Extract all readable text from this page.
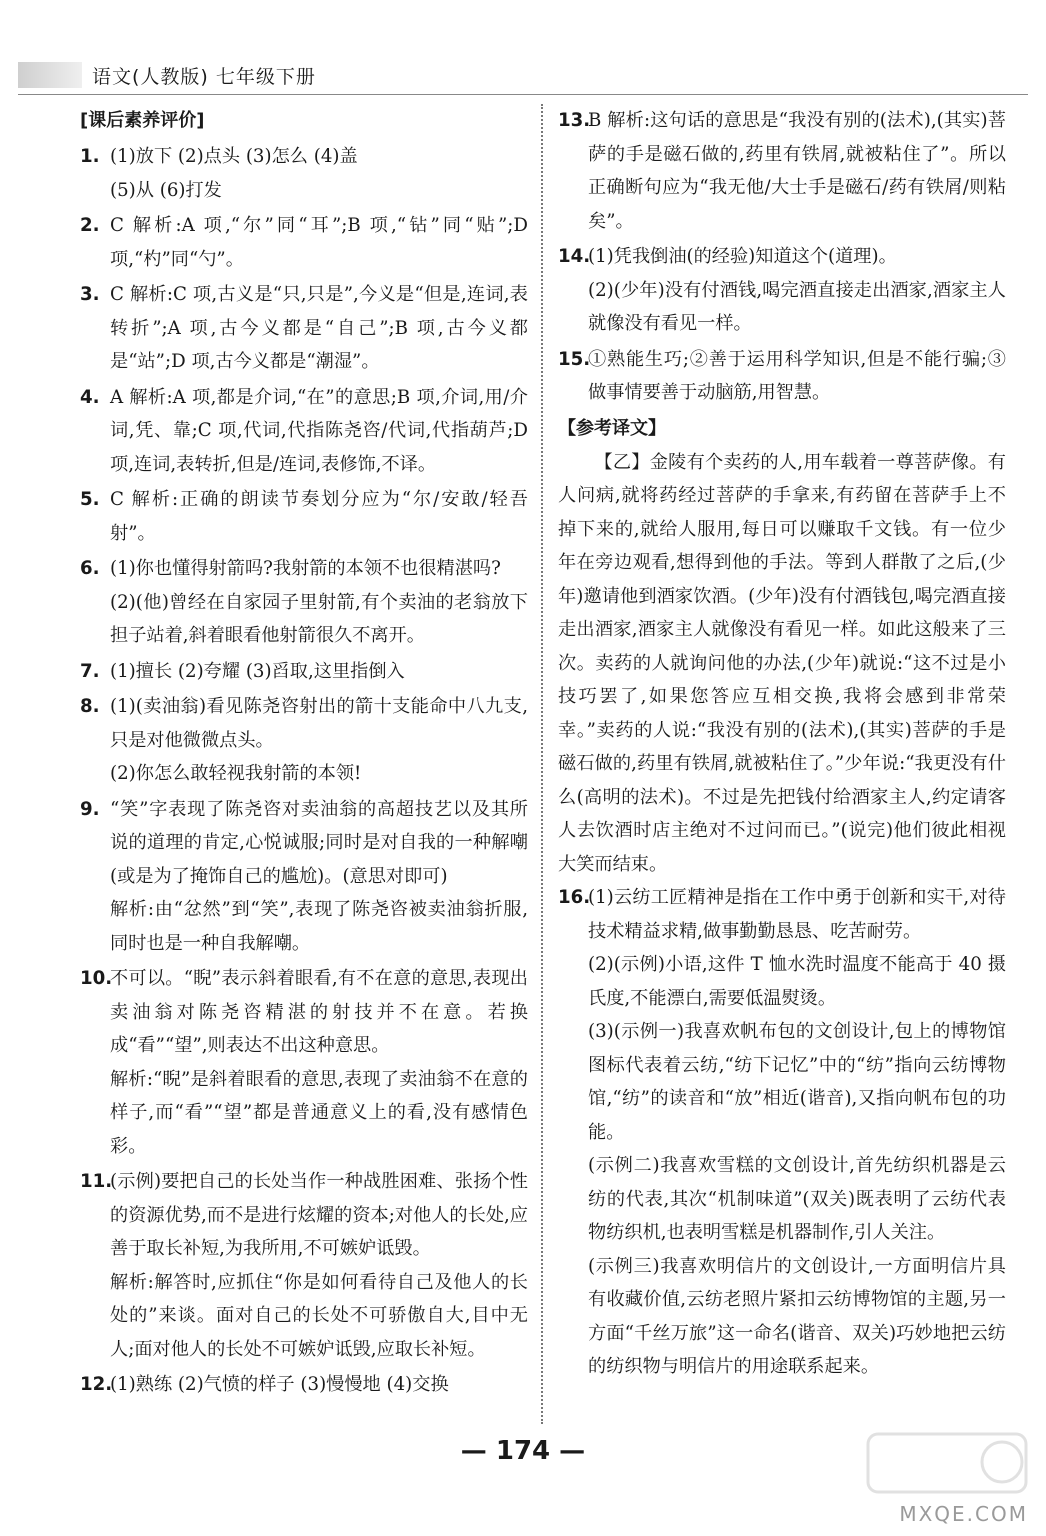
语文(人教版) 七年级下册
[课后素养评价]
1. (1)放下 (2)点头 (3)怎么 (4)盖

(5)从 (6)打发

2. C 解析:A 项,“尔”同“耳”;B 项,“钻”同“贴”;D 项,“杓”同“勺”。

3. C 解析:C 项,古义是“只,只是”,今义是“但是,连词,表转折”;A 项,古今义都是“自己”;B 项,古今义都是“站”;D 项,古今义都是“潮湿”。

4. A 解析:A 项,都是介词,“在”的意思;B 项,介词,用/介词,凭、靠;C 项,代词,代指陈尧咨/代词,代指葫芦;D 项,连词,表转折,但是/连词,表修饰,不译。

5. C 解析:正确的朗读节奏划分应为“尔/安敢/轻吾射”。

6. (1)你也懂得射箭吗?我射箭的本领不也很精湛吗?

(2)(他)曾经在自家园子里射箭,有个卖油的老翁放下担子站着,斜着眼看他射箭很久不离开。

7. (1)擅长 (2)夸耀 (3)舀取,这里指倒入

8. (1)(卖油翁)看见陈尧咨射出的箭十支能命中八九支,只是对他微微点头。

(2)你怎么敢轻视我射箭的本领!

9. “笑”字表现了陈尧咨对卖油翁的高超技艺以及其所说的道理的肯定,心悦诚服;同时是对自我的一种解嘲(或是为了掩饰自己的尴尬)。(意思对即可)

解析:由“忿然”到“笑”,表现了陈尧咨被卖油翁折服,同时也是一种自我解嘲。

10.

不可以。“睨”表示斜着眼看,有不在意的意思,表现出卖油翁对陈尧咨精湛的射技并不在意。若换成“看”“望”,则表达不出这种意思。

解析:“睨”是斜着眼看的意思,表现了卖油翁不在意的样子,而“看”“望”都是普通意义上的看,没有感情色彩。

11.

(示例)要把自己的长处当作一种战胜困难、张扬个性的资源优势,而不是进行炫耀的资本;对他人的长处,应善于取长补短,为我所用,不可嫉妒诋毁。

解析:解答时,应抓住“你是如何看待自己及他人的长处的”来谈。面对自己的长处不可骄傲自大,目中无人;面对他人的长处不可嫉妒诋毁,应取长补短。

12.

(1)熟练 (2)气愤的样子 (3)慢慢地 (4)交换

13.

B 解析:这句话的意思是“我没有别的(法术),(其实)菩萨的手是磁石做的,药里有铁屑,就被粘住了”。所以正确断句应为“我无他/大士手是磁石/药有铁屑/则粘矣”。

14.

(1)凭我倒油(的经验)知道这个(道理)。

(2)(少年)没有付酒钱,喝完酒直接走出酒家,酒家主人就像没有看见一样。

15.

①熟能生巧;②善于运用科学知识,但是不能行骗;③做事情要善于动脑筋,用智慧。

【参考译文】
【乙】金陵有个卖药的人,用车载着一尊菩萨像。有人问病,就将药经过菩萨的手拿来,有药留在菩萨手上不掉下来的,就给人服用,每日可以赚取千文钱。有一位少年在旁边观看,想得到他的手法。等到人群散了之后,(少年)邀请他到酒家饮酒。(少年)没有付酒钱包,喝完酒直接走出酒家,酒家主人就像没有看见一样。如此这般来了三次。卖药的人就询问他的办法,(少年)就说:“这不过是小技巧罢了,如果您答应互相交换,我将会感到非常荣幸。”卖药的人说:“我没有别的(法术),(其实)菩萨的手是磁石做的,药里有铁屑,就被粘住了。”少年说:“我更没有什么(高明的法术)。不过是先把钱付给酒家主人,约定请客人去饮酒时店主绝对不过问而已。”(说完)他们彼此相视大笑而结束。
16.

(1)云纺工匠精神是指在工作中勇于创新和实干,对待技术精益求精,做事勤勤恳恳、吃苦耐劳。

(2)(示例)小语,这件 T 恤水洗时温度不能高于 40 摄氏度,不能漂白,需要低温熨烫。

(3)(示例一)我喜欢帆布包的文创设计,包上的博物馆图标代表着云纺,“纺下记忆”中的“纺”指向云纺博物馆,“纺”的读音和“放”相近(谐音),又指向帆布包的功能。

(示例二)我喜欢雪糕的文创设计,首先纺织机器是云纺的代表,其次“机制味道”(双关)既表明了云纺代表物纺织机,也表明雪糕是机器制作,引人关注。

(示例三)我喜欢明信片的文创设计,一方面明信片具有收藏价值,云纺老照片紧扣云纺博物馆的主题,另一方面“千丝万旅”这一命名(谐音、双关)巧妙地把云纺的纺织物与明信片的用途联系起来。

— 174 —
MXQE.COM
